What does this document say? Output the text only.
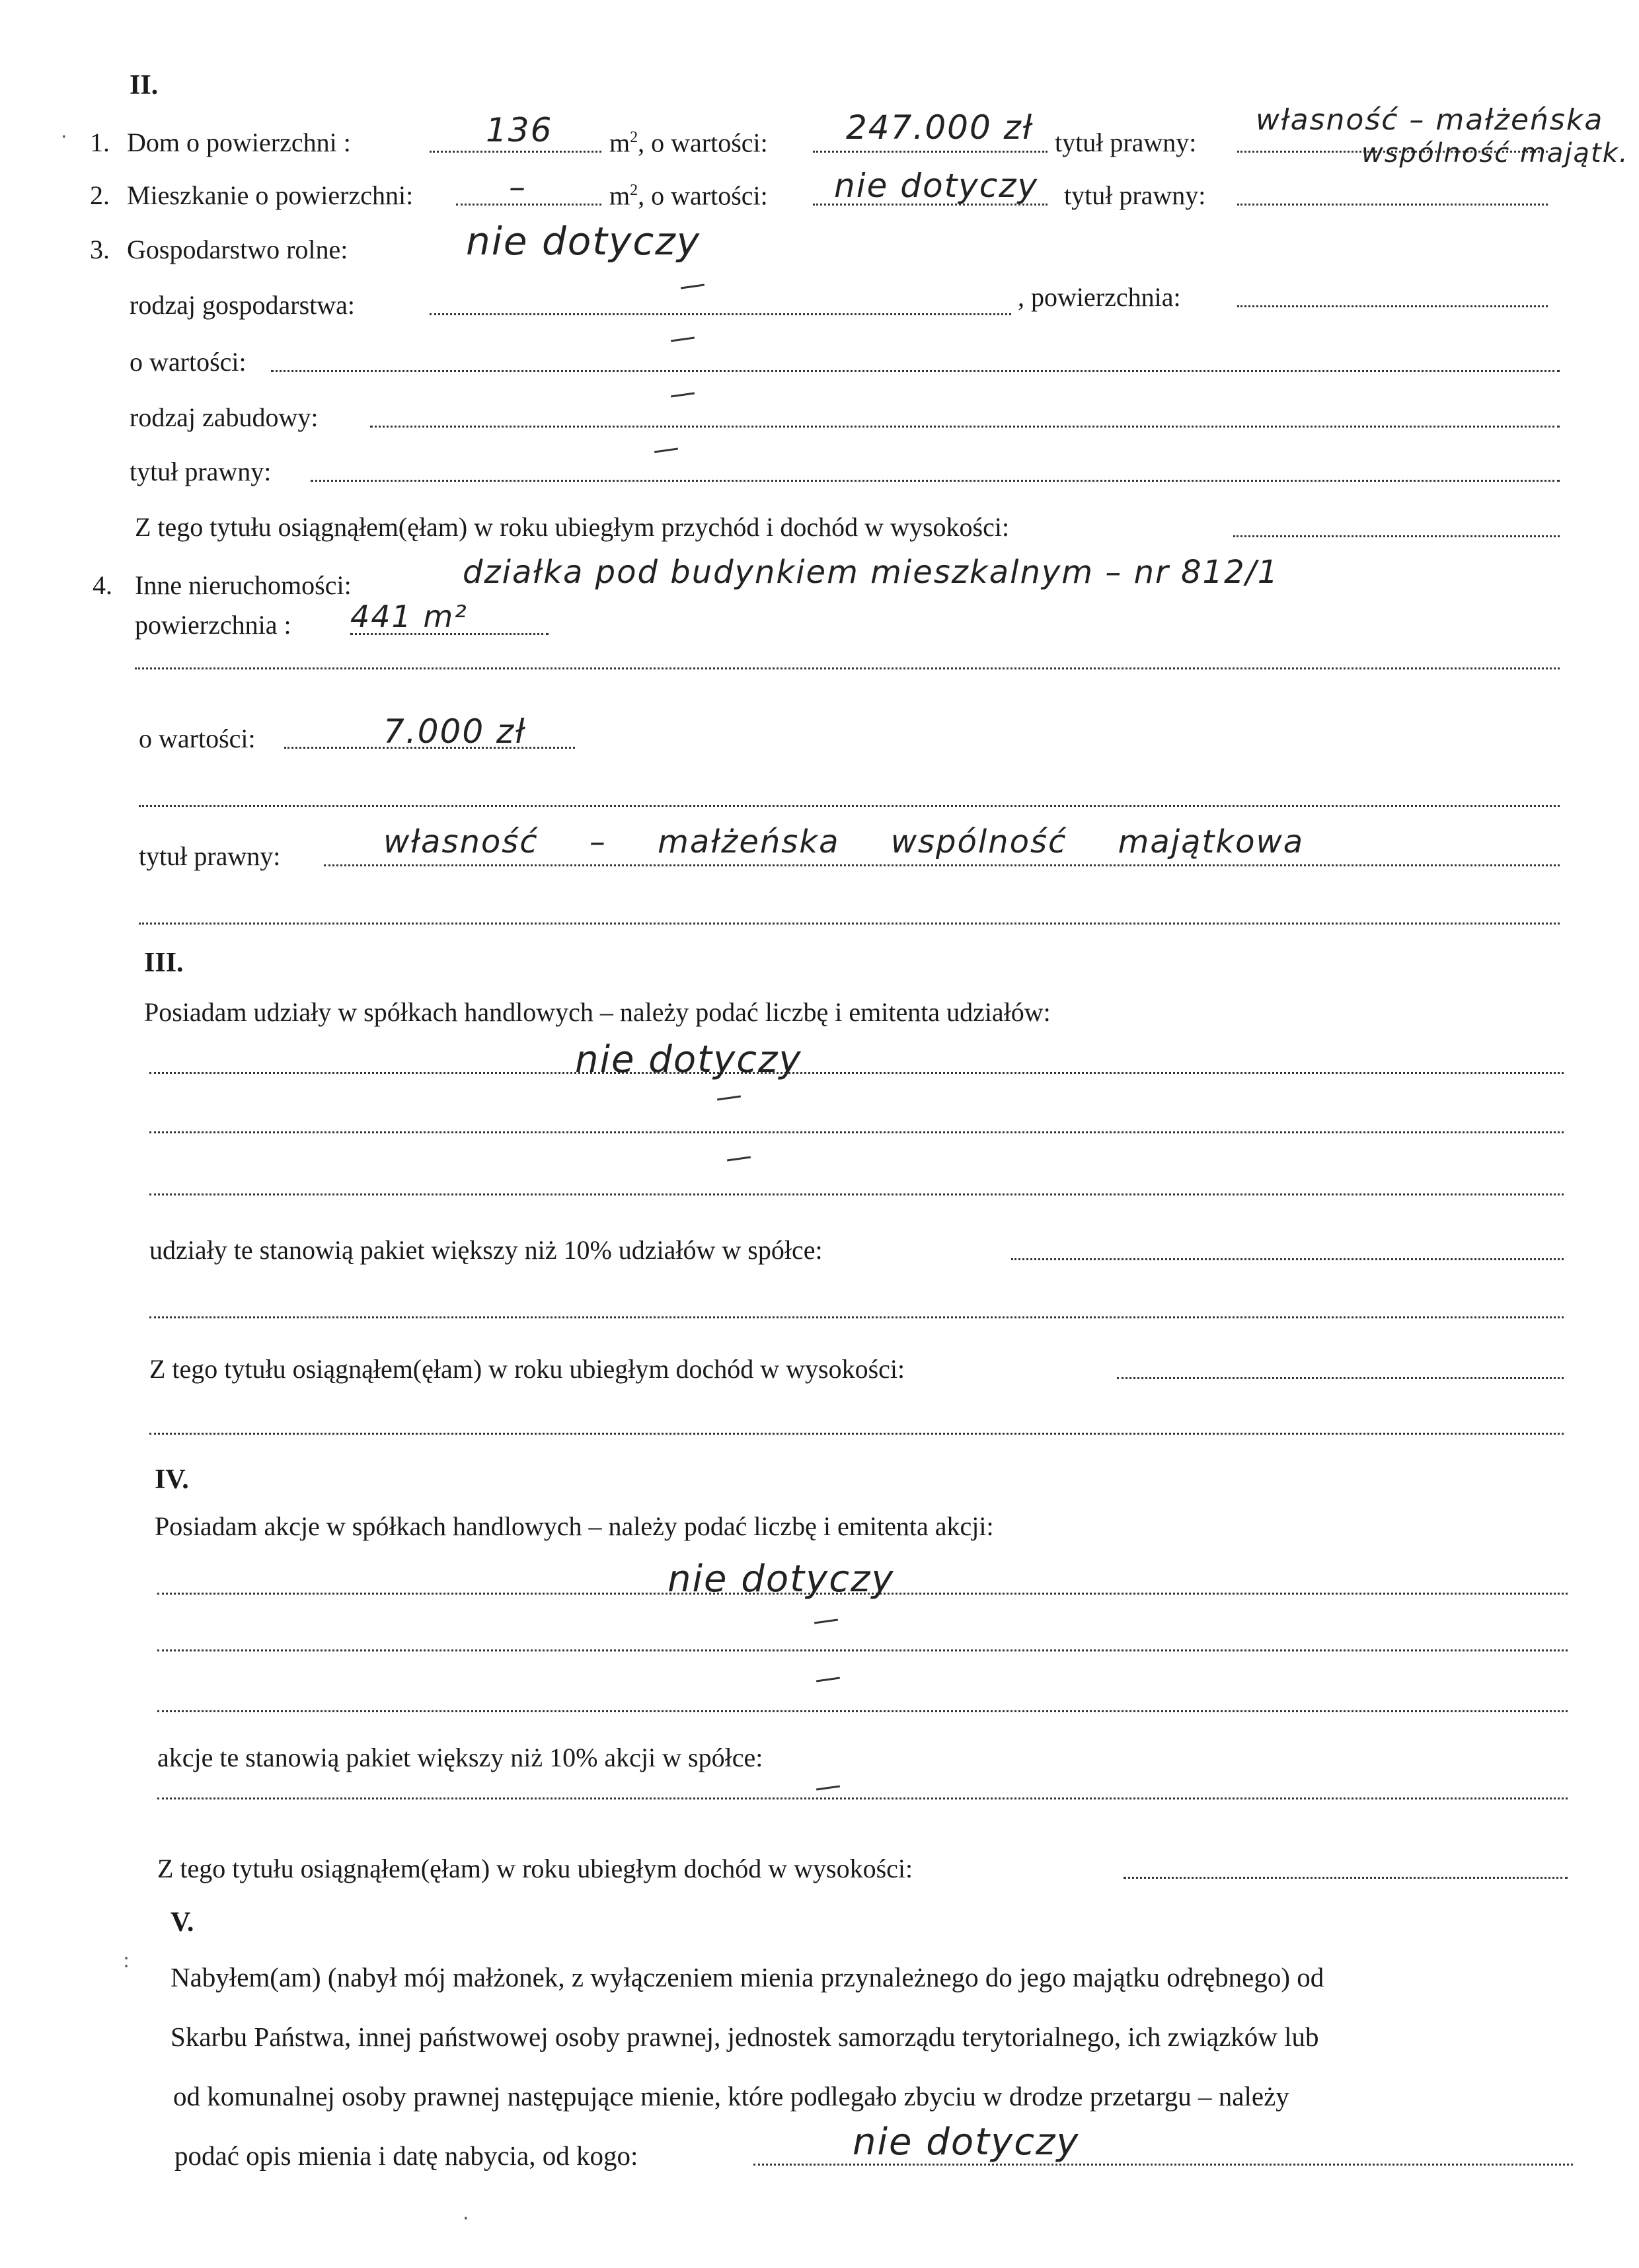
II.
1. Dom o powierzchni :	136 $m^2$, o wartości: 247.000 zł tytuł prawny:
własność – małżeńska
wspólność majątk.
2. Mieszkanie o powierzchni:	–	$m^2$, o wartości: nie dotyczy tytuł prawny:
3. Gospodarstwo rolne:	nie dotyczy
rodzaj gospodarstwa:	, powierzchnia:
o wartości:
rodzaj zabudowy:
tytuł prawny:
Z tego tytułu osiągnąłem(ęłam) w roku ubiegłym przychód i dochód w wysokości:
4. Inne nieruchomości:	działka pod budynkiem mieszkalnym – nr 812/1
powierzchnia : 441 m²
o wartości:	7.000 zł
tytuł prawny:	własność – małżeńska wspólność majątkowa
III.
Posiadam udziały w spółkach handlowych – należy podać liczbę i emitenta udziałów:
nie dotyczy
udziały te stanowią pakiet większy niż 10% udziałów w spółce:
Z tego tytułu osiągnąłem(ęłam) w roku ubiegłym dochód w wysokości:
IV.
Posiadam akcje w spółkach handlowych – należy podać liczbę i emitenta akcji:
nie dotyczy
akcje te stanowią pakiet większy niż 10% akcji w spółce:
Z tego tytułu osiągnąłem(ęłam) w roku ubiegłym dochód w wysokości:
V.
Nabyłem(am) (nabył mój małżonek, z wyłączeniem mienia przynależnego do jego majątku odrębnego) od
Skarbu Państwa, innej państwowej osoby prawnej, jednostek samorządu terytorialnego, ich związków lub
od komunalnej osoby prawnej następujące mienie, które podlegało zbyciu w drodze przetargu – należy
podać opis mienia i datę nabycia, od kogo:	nie dotyczy
·
:
·
